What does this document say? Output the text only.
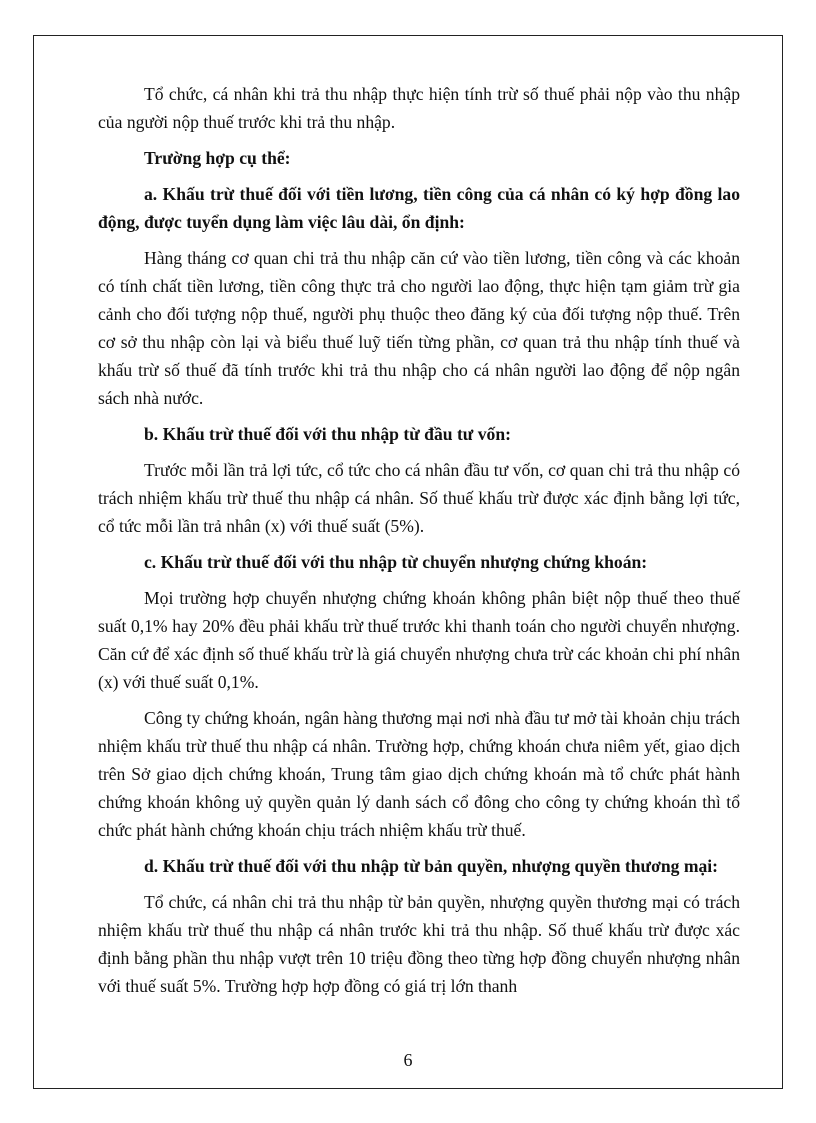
Tổ chức, cá nhân khi trả thu nhập thực hiện tính trừ số thuế phải nộp vào thu nhập của người nộp thuế trước khi trả thu nhập.

Trường hợp cụ thể:

a. Khấu trừ thuế đối với tiền lương, tiền công của cá nhân có ký hợp đồng lao động, được tuyển dụng làm việc lâu dài, ổn định:

Hàng tháng cơ quan chi trả thu nhập căn cứ vào tiền lương, tiền công và các khoản có tính chất tiền lương, tiền công thực trả cho người lao động, thực hiện tạm giảm trừ gia cảnh cho đối tượng nộp thuế, người phụ thuộc theo đăng ký của đối tượng nộp thuế. Trên cơ sở thu nhập còn lại và biểu thuế luỹ tiến từng phần, cơ quan trả thu nhập tính thuế và khấu trừ số thuế đã tính trước khi trả thu nhập cho cá nhân người lao động để nộp ngân sách nhà nước.

b. Khấu trừ thuế đối với thu nhập từ đầu tư vốn:

Trước mỗi lần trả lợi tức, cổ tức cho cá nhân đầu tư vốn, cơ quan chi trả thu nhập có trách nhiệm khấu trừ thuế thu nhập cá nhân. Số thuế khấu trừ được xác định bằng lợi tức, cổ tức mỗi lần trả nhân (x) với thuế suất (5%).

c. Khấu trừ thuế đối với thu nhập từ chuyển nhượng chứng khoán:

Mọi trường hợp chuyển nhượng chứng khoán không phân biệt nộp thuế theo thuế suất 0,1% hay 20% đều phải khấu trừ thuế trước khi thanh toán cho người chuyển nhượng. Căn cứ để xác định số thuế khấu trừ là giá chuyển nhượng chưa trừ các khoản chi phí nhân (x) với thuế suất 0,1%.

Công ty chứng khoán, ngân hàng thương mại nơi nhà đầu tư mở tài khoản chịu trách nhiệm khấu trừ thuế thu nhập cá nhân. Trường hợp, chứng khoán chưa niêm yết, giao dịch trên Sở giao dịch chứng khoán, Trung tâm giao dịch chứng khoán mà tổ chức phát hành chứng khoán không uỷ quyền quản lý danh sách cổ đông cho công ty chứng khoán thì tổ chức phát hành chứng khoán chịu trách nhiệm khấu trừ thuế.

d. Khấu trừ thuế đối với thu nhập từ bản quyền, nhượng quyền thương mại:

Tổ chức, cá nhân chi trả thu nhập từ bản quyền, nhượng quyền thương mại có trách nhiệm khấu trừ thuế thu nhập cá nhân trước khi trả thu nhập. Số thuế khấu trừ được xác định bằng phần thu nhập vượt trên 10 triệu đồng theo từng hợp đồng chuyển nhượng nhân với thuế suất 5%. Trường hợp hợp đồng có giá trị lớn thanh

6
